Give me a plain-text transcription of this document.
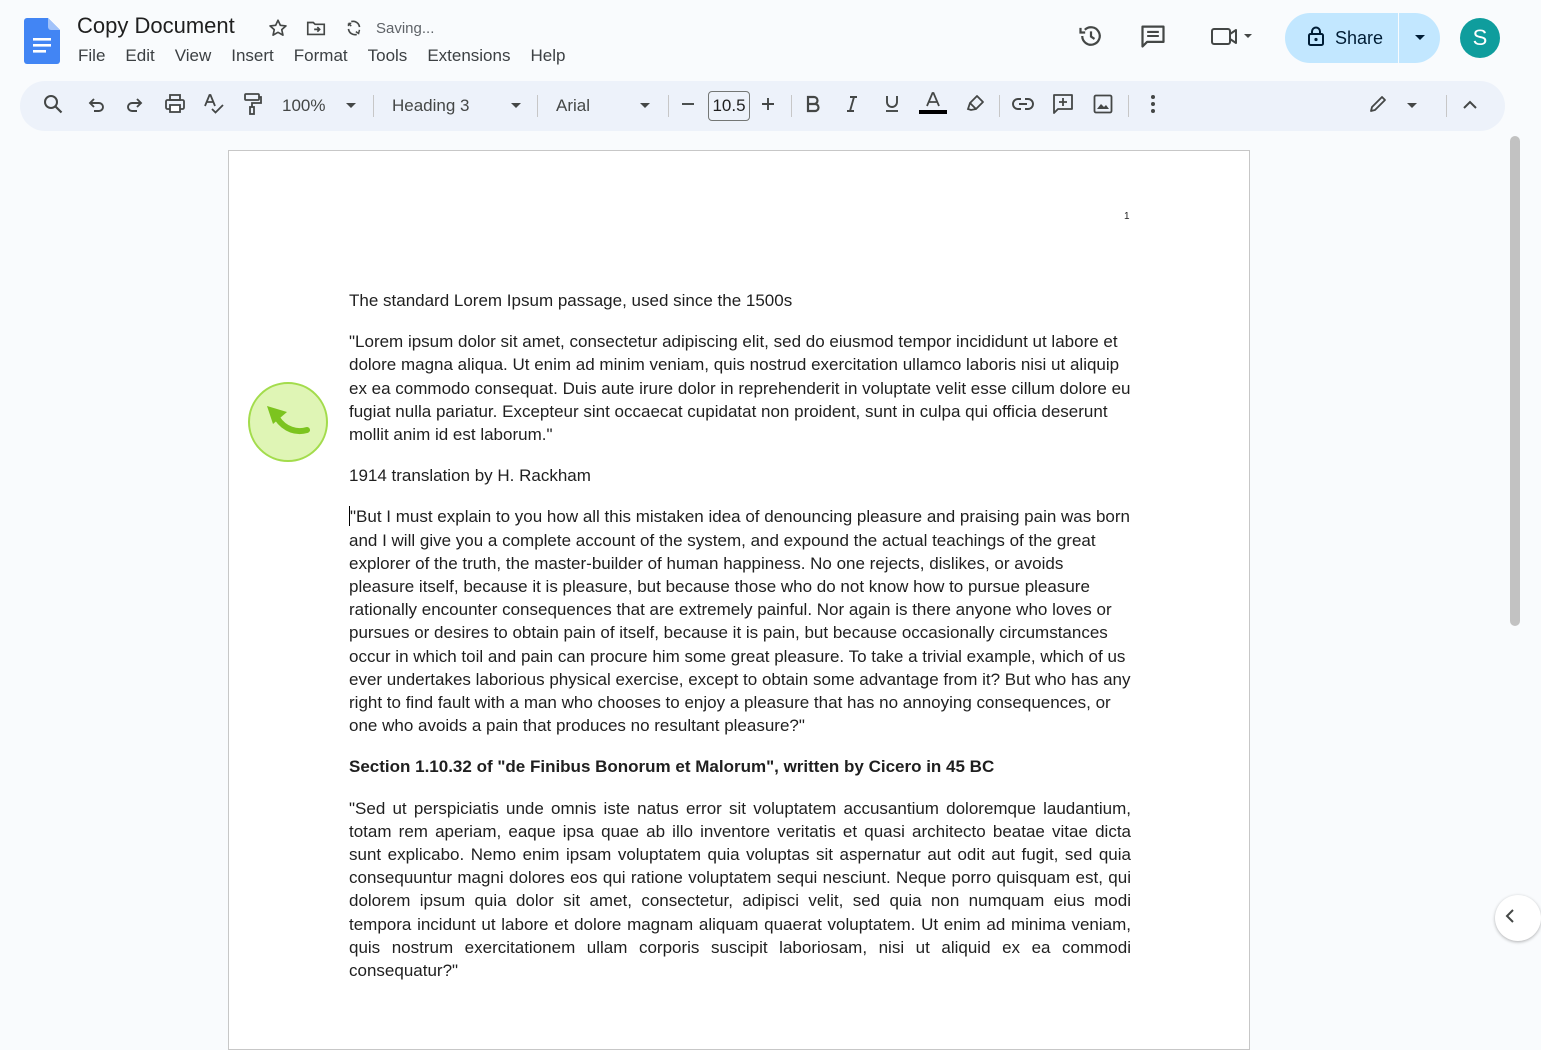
Copy Document	Saving...
File	Edit	View	Insert	Format	Tools	Extensions	Help
Share	S
100%	Heading 3	Arial	10.5
1

The standard Lorem Ipsum passage, used since the 1500s

"Lorem ipsum dolor sit amet, consectetur adipiscing elit, sed do eiusmod tempor incididunt ut labore et dolore magna aliqua. Ut enim ad minim veniam, quis nostrud exercitation ullamco laboris nisi ut aliquip ex ea commodo consequat. Duis aute irure dolor in reprehenderit in voluptate velit esse cillum dolore eu fugiat nulla pariatur. Excepteur sint occaecat cupidatat non proident, sunt in culpa qui officia deserunt mollit anim id est laborum."

1914 translation by H. Rackham

"But I must explain to you how all this mistaken idea of denouncing pleasure and praising pain was born and I will give you a complete account of the system, and expound the actual teachings of the great explorer of the truth, the master-builder of human happiness. No one rejects, dislikes, or avoids pleasure itself, because it is pleasure, but because those who do not know how to pursue pleasure rationally encounter consequences that are extremely painful. Nor again is there anyone who loves or pursues or desires to obtain pain of itself, because it is pain, but because occasionally circumstances occur in which toil and pain can procure him some great pleasure. To take a trivial example, which of us ever undertakes laborious physical exercise, except to obtain some advantage from it? But who has any right to find fault with a man who chooses to enjoy a pleasure that has no annoying consequences, or one who avoids a pain that produces no resultant pleasure?"

Section 1.10.32 of "de Finibus Bonorum et Malorum", written by Cicero in 45 BC

"Sed ut perspiciatis unde omnis iste natus error sit voluptatem accusantium doloremque laudantium, totam rem aperiam, eaque ipsa quae ab illo inventore veritatis et quasi architecto beatae vitae dicta sunt explicabo. Nemo enim ipsam voluptatem quia voluptas sit aspernatur aut odit aut fugit, sed quia consequuntur magni dolores eos qui ratione voluptatem sequi nesciunt. Neque porro quisquam est, qui dolorem ipsum quia dolor sit amet, consectetur, adipisci velit, sed quia non numquam eius modi tempora incidunt ut labore et dolore magnam aliquam quaerat voluptatem. Ut enim ad minima veniam, quis nostrum exercitationem ullam corporis suscipit laboriosam, nisi ut aliquid ex ea commodi consequatur?"
